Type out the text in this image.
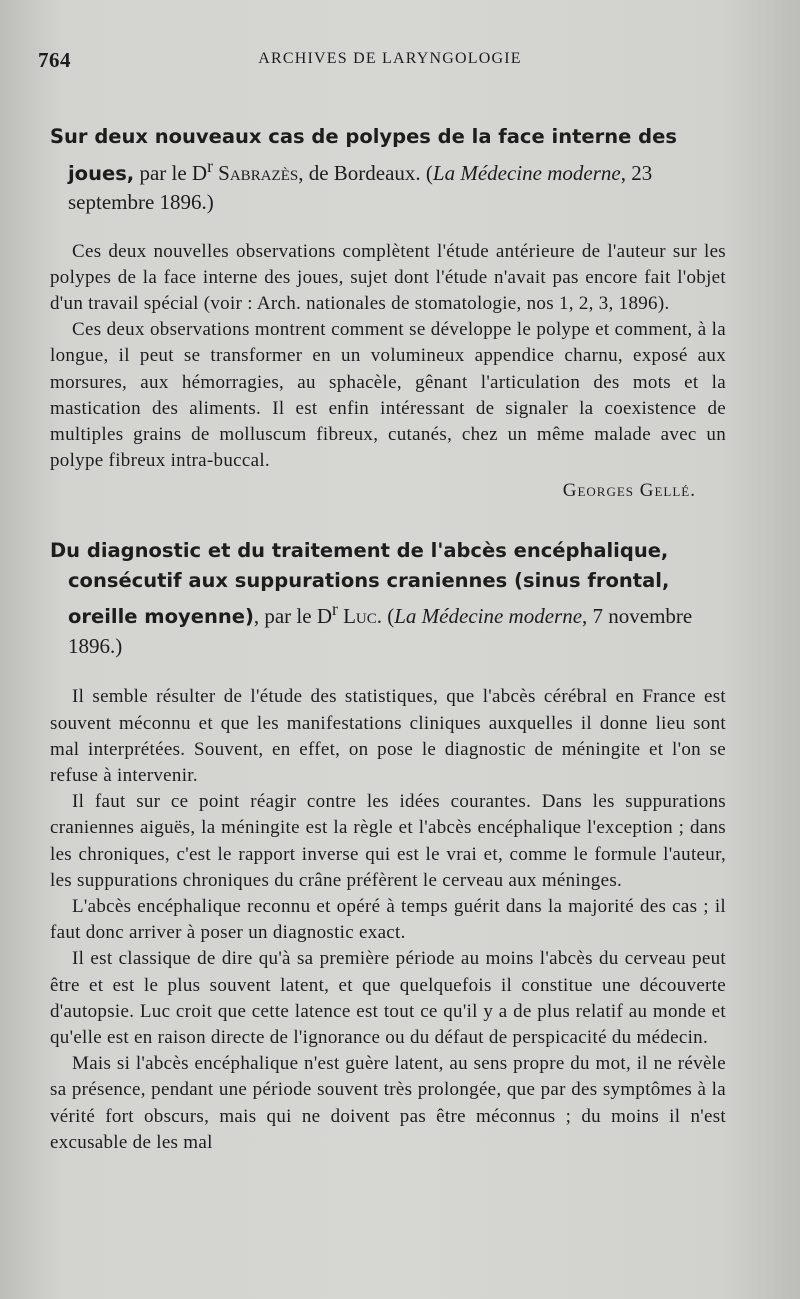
764	ARCHIVES DE LARYNGOLOGIE
Sur deux nouveaux cas de polypes de la face interne des joues, par le $D^r$ Sabrazès, de Bordeaux. (La Médecine moderne, 23 septembre 1896.)

Ces deux nouvelles observations complètent l'étude antérieure de l'auteur sur les polypes de la face interne des joues, sujet dont l'étude n'avait pas encore fait l'objet d'un travail spécial (voir : Arch. nationales de stomatologie, nos 1, 2, 3, 1896).

Ces deux observations montrent comment se développe le polype et comment, à la longue, il peut se transformer en un volumineux appendice charnu, exposé aux morsures, aux hémorragies, au sphacèle, gênant l'articulation des mots et la mastication des aliments. Il est enfin intéressant de signaler la coexistence de multiples grains de molluscum fibreux, cutanés, chez un même malade avec un polype fibreux intra-buccal.

Georges Gellé.
Du diagnostic et du traitement de l'abcès encéphalique, consécutif aux suppurations craniennes (sinus frontal, oreille moyenne), par le $D^r$ Luc. (La Médecine moderne, 7 novembre 1896.)

Il semble résulter de l'étude des statistiques, que l'abcès cérébral en France est souvent méconnu et que les manifestations cliniques auxquelles il donne lieu sont mal interprétées. Souvent, en effet, on pose le diagnostic de méningite et l'on se refuse à intervenir.

Il faut sur ce point réagir contre les idées courantes. Dans les suppurations craniennes aiguës, la méningite est la règle et l'abcès encéphalique l'exception ; dans les chroniques, c'est le rapport inverse qui est le vrai et, comme le formule l'auteur, les suppurations chroniques du crâne préfèrent le cerveau aux méninges.

L'abcès encéphalique reconnu et opéré à temps guérit dans la majorité des cas ; il faut donc arriver à poser un diagnostic exact.

Il est classique de dire qu'à sa première période au moins l'abcès du cerveau peut être et est le plus souvent latent, et que quelquefois il constitue une découverte d'autopsie. Luc croit que cette latence est tout ce qu'il y a de plus relatif au monde et qu'elle est en raison directe de l'ignorance ou du défaut de perspicacité du médecin.

Mais si l'abcès encéphalique n'est guère latent, au sens propre du mot, il ne révèle sa présence, pendant une période souvent très prolongée, que par des symptômes à la vérité fort obscurs, mais qui ne doivent pas être méconnus ; du moins il n'est excusable de les mal
